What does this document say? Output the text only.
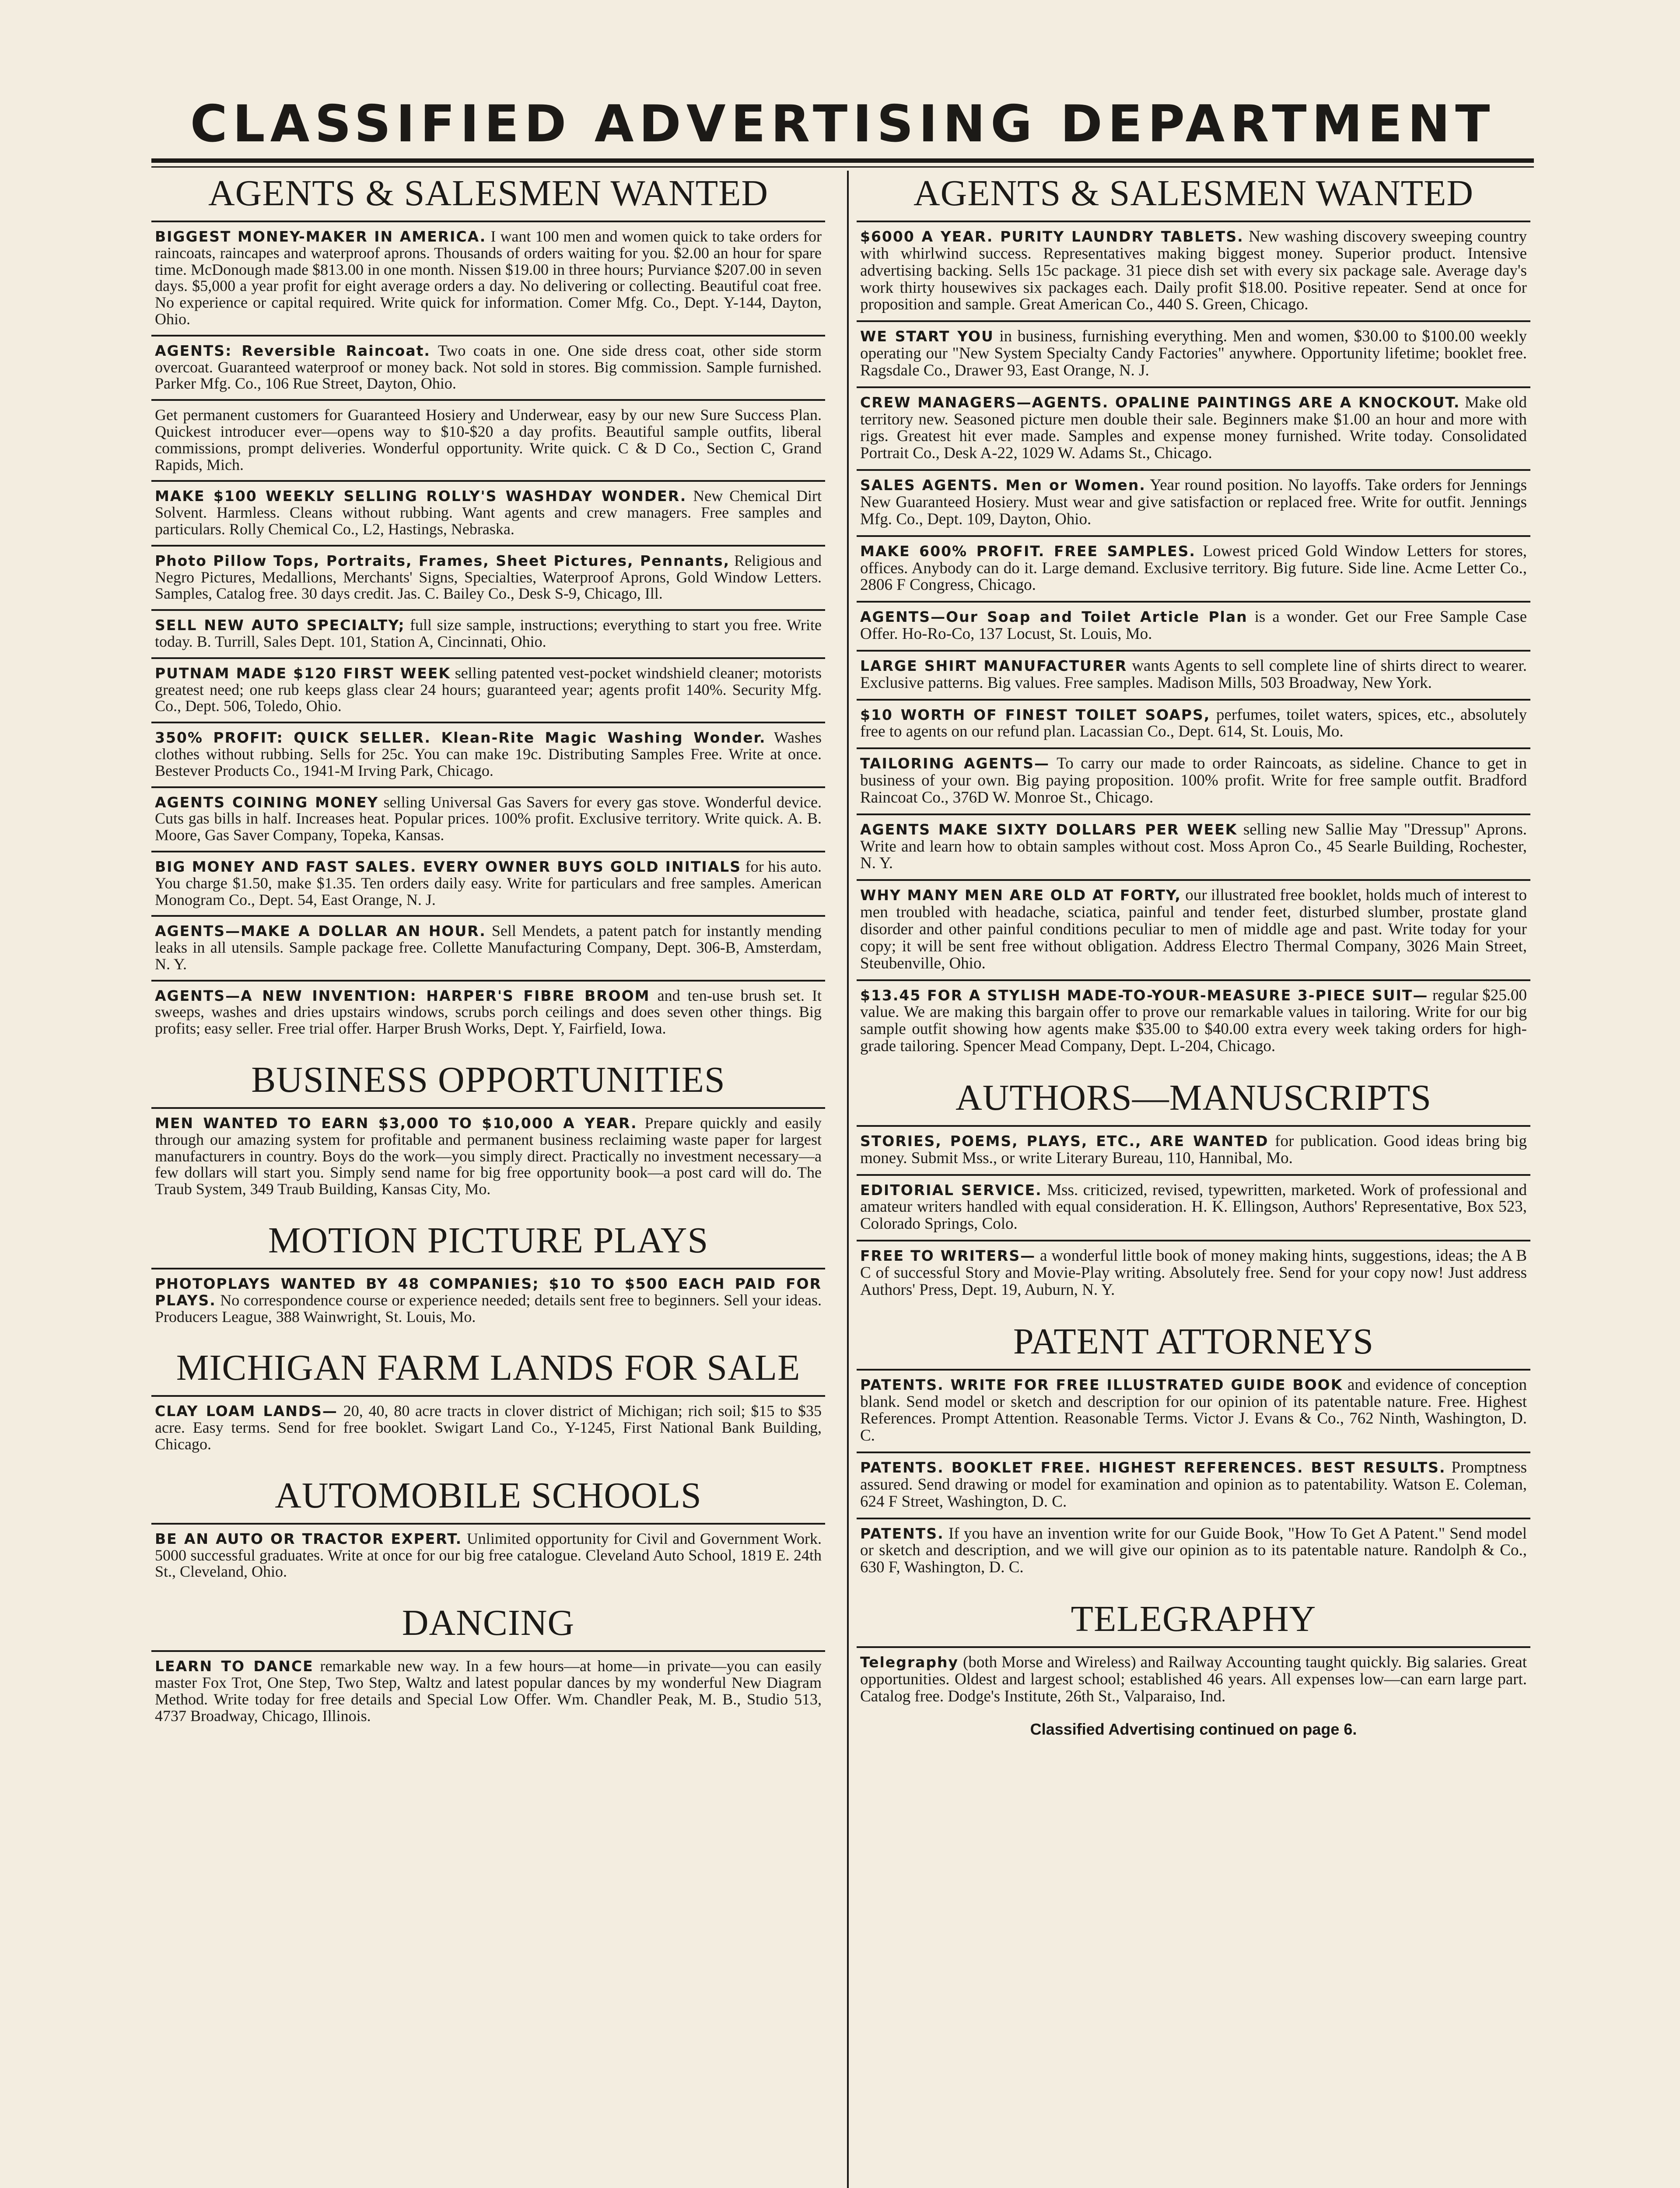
CLASSIFIED ADVERTISING DEPARTMENT
AGENTS & SALESMEN WANTED
BIGGEST MONEY-MAKER IN AMERICA. I want 100 men and women quick to take orders for raincoats, raincapes and waterproof aprons. Thousands of orders waiting for you. $2.00 an hour for spare time. McDonough made $813.00 in one month. Nissen $19.00 in three hours; Purviance $207.00 in seven days. $5,000 a year profit for eight average orders a day. No delivering or collecting. Beautiful coat free. No experience or capital required. Write quick for information. Comer Mfg. Co., Dept. Y-144, Dayton, Ohio.
AGENTS: Reversible Raincoat. Two coats in one. One side dress coat, other side storm overcoat. Guaranteed waterproof or money back. Not sold in stores. Big commission. Sample furnished. Parker Mfg. Co., 106 Rue Street, Dayton, Ohio.
Get permanent customers for Guaranteed Hosiery and Underwear, easy by our new Sure Success Plan. Quickest introducer ever—opens way to $10-$20 a day profits. Beautiful sample outfits, liberal commissions, prompt deliveries. Wonderful opportunity. Write quick. C & D Co., Section C, Grand Rapids, Mich.
MAKE $100 WEEKLY SELLING ROLLY'S WASHDAY WONDER. New Chemical Dirt Solvent. Harmless. Cleans without rubbing. Want agents and crew managers. Free samples and particulars. Rolly Chemical Co., L2, Hastings, Nebraska.
Photo Pillow Tops, Portraits, Frames, Sheet Pictures, Pennants, Religious and Negro Pictures, Medallions, Merchants' Signs, Specialties, Waterproof Aprons, Gold Window Letters. Samples, Catalog free. 30 days credit. Jas. C. Bailey Co., Desk S-9, Chicago, Ill.
SELL NEW AUTO SPECIALTY; full size sample, instructions; everything to start you free. Write today. B. Turrill, Sales Dept. 101, Station A, Cincinnati, Ohio.
PUTNAM MADE $120 FIRST WEEK selling patented vest-pocket windshield cleaner; motorists greatest need; one rub keeps glass clear 24 hours; guaranteed year; agents profit 140%. Security Mfg. Co., Dept. 506, Toledo, Ohio.
350% PROFIT: QUICK SELLER. Klean-Rite Magic Washing Wonder. Washes clothes without rubbing. Sells for 25c. You can make 19c. Distributing Samples Free. Write at once. Bestever Products Co., 1941-M Irving Park, Chicago.
AGENTS COINING MONEY selling Universal Gas Savers for every gas stove. Wonderful device. Cuts gas bills in half. Increases heat. Popular prices. 100% profit. Exclusive territory. Write quick. A. B. Moore, Gas Saver Company, Topeka, Kansas.
BIG MONEY AND FAST SALES. EVERY OWNER BUYS GOLD INITIALS for his auto. You charge $1.50, make $1.35. Ten orders daily easy. Write for particulars and free samples. American Monogram Co., Dept. 54, East Orange, N. J.
AGENTS—MAKE A DOLLAR AN HOUR. Sell Mendets, a patent patch for instantly mending leaks in all utensils. Sample package free. Collette Manufacturing Company, Dept. 306-B, Amsterdam, N. Y.
AGENTS—A NEW INVENTION: HARPER'S FIBRE BROOM and ten-use brush set. It sweeps, washes and dries upstairs windows, scrubs porch ceilings and does seven other things. Big profits; easy seller. Free trial offer. Harper Brush Works, Dept. Y, Fairfield, Iowa.
BUSINESS OPPORTUNITIES
MEN WANTED TO EARN $3,000 TO $10,000 A YEAR. Prepare quickly and easily through our amazing system for profitable and permanent business reclaiming waste paper for largest manufacturers in country. Boys do the work—you simply direct. Practically no investment necessary—a few dollars will start you. Simply send name for big free opportunity book—a post card will do. The Traub System, 349 Traub Building, Kansas City, Mo.
MOTION PICTURE PLAYS
PHOTOPLAYS WANTED BY 48 COMPANIES; $10 TO $500 EACH PAID FOR PLAYS. No correspondence course or experience needed; details sent free to beginners. Sell your ideas. Producers League, 388 Wainwright, St. Louis, Mo.
MICHIGAN FARM LANDS FOR SALE
CLAY LOAM LANDS— 20, 40, 80 acre tracts in clover district of Michigan; rich soil; $15 to $35 acre. Easy terms. Send for free booklet. Swigart Land Co., Y-1245, First National Bank Building, Chicago.
AUTOMOBILE SCHOOLS
BE AN AUTO OR TRACTOR EXPERT. Unlimited opportunity for Civil and Government Work. 5000 successful graduates. Write at once for our big free catalogue. Cleveland Auto School, 1819 E. 24th St., Cleveland, Ohio.
DANCING
LEARN TO DANCE remarkable new way. In a few hours—at home—in private—you can easily master Fox Trot, One Step, Two Step, Waltz and latest popular dances by my wonderful New Diagram Method. Write today for free details and Special Low Offer. Wm. Chandler Peak, M. B., Studio 513, 4737 Broadway, Chicago, Illinois.
AGENTS & SALESMEN WANTED
$6000 A YEAR. PURITY LAUNDRY TABLETS. New washing discovery sweeping country with whirlwind success. Representatives making biggest money. Superior product. Intensive advertising backing. Sells 15c package. 31 piece dish set with every six package sale. Average day's work thirty housewives six packages each. Daily profit $18.00. Positive repeater. Send at once for proposition and sample. Great American Co., 440 S. Green, Chicago.
WE START YOU in business, furnishing everything. Men and women, $30.00 to $100.00 weekly operating our "New System Specialty Candy Factories" anywhere. Opportunity lifetime; booklet free. Ragsdale Co., Drawer 93, East Orange, N. J.
CREW MANAGERS—AGENTS. OPALINE PAINTINGS ARE A KNOCKOUT. Make old territory new. Seasoned picture men double their sale. Beginners make $1.00 an hour and more with rigs. Greatest hit ever made. Samples and expense money furnished. Write today. Consolidated Portrait Co., Desk A-22, 1029 W. Adams St., Chicago.
SALES AGENTS. Men or Women. Year round position. No layoffs. Take orders for Jennings New Guaranteed Hosiery. Must wear and give satisfaction or replaced free. Write for outfit. Jennings Mfg. Co., Dept. 109, Dayton, Ohio.
MAKE 600% PROFIT. FREE SAMPLES. Lowest priced Gold Window Letters for stores, offices. Anybody can do it. Large demand. Exclusive territory. Big future. Side line. Acme Letter Co., 2806 F Congress, Chicago.
AGENTS—Our Soap and Toilet Article Plan is a wonder. Get our Free Sample Case Offer. Ho-Ro-Co, 137 Locust, St. Louis, Mo.
LARGE SHIRT MANUFACTURER wants Agents to sell complete line of shirts direct to wearer. Exclusive patterns. Big values. Free samples. Madison Mills, 503 Broadway, New York.
$10 WORTH OF FINEST TOILET SOAPS, perfumes, toilet waters, spices, etc., absolutely free to agents on our refund plan. Lacassian Co., Dept. 614, St. Louis, Mo.
TAILORING AGENTS— To carry our made to order Raincoats, as sideline. Chance to get in business of your own. Big paying proposition. 100% profit. Write for free sample outfit. Bradford Raincoat Co., 376D W. Monroe St., Chicago.
AGENTS MAKE SIXTY DOLLARS PER WEEK selling new Sallie May "Dressup" Aprons. Write and learn how to obtain samples without cost. Moss Apron Co., 45 Searle Building, Rochester, N. Y.
WHY MANY MEN ARE OLD AT FORTY, our illustrated free booklet, holds much of interest to men troubled with headache, sciatica, painful and tender feet, disturbed slumber, prostate gland disorder and other painful conditions peculiar to men of middle age and past. Write today for your copy; it will be sent free without obligation. Address Electro Thermal Company, 3026 Main Street, Steubenville, Ohio.
$13.45 FOR A STYLISH MADE-TO-YOUR-MEASURE 3-PIECE SUIT— regular $25.00 value. We are making this bargain offer to prove our remarkable values in tailoring. Write for our big sample outfit showing how agents make $35.00 to $40.00 extra every week taking orders for high-grade tailoring. Spencer Mead Company, Dept. L-204, Chicago.
AUTHORS—MANUSCRIPTS
STORIES, POEMS, PLAYS, ETC., ARE WANTED for publication. Good ideas bring big money. Submit Mss., or write Literary Bureau, 110, Hannibal, Mo.
EDITORIAL SERVICE. Mss. criticized, revised, typewritten, marketed. Work of professional and amateur writers handled with equal consideration. H. K. Ellingson, Authors' Representative, Box 523, Colorado Springs, Colo.
FREE TO WRITERS— a wonderful little book of money making hints, suggestions, ideas; the A B C of successful Story and Movie-Play writing. Absolutely free. Send for your copy now! Just address Authors' Press, Dept. 19, Auburn, N. Y.
PATENT ATTORNEYS
PATENTS. WRITE FOR FREE ILLUSTRATED GUIDE BOOK and evidence of conception blank. Send model or sketch and description for our opinion of its patentable nature. Free. Highest References. Prompt Attention. Reasonable Terms. Victor J. Evans & Co., 762 Ninth, Washington, D. C.
PATENTS. BOOKLET FREE. HIGHEST REFERENCES. BEST RESULTS. Promptness assured. Send drawing or model for examination and opinion as to patentability. Watson E. Coleman, 624 F Street, Washington, D. C.
PATENTS. If you have an invention write for our Guide Book, "How To Get A Patent." Send model or sketch and description, and we will give our opinion as to its patentable nature. Randolph & Co., 630 F, Washington, D. C.
TELEGRAPHY
Telegraphy (both Morse and Wireless) and Railway Accounting taught quickly. Big salaries. Great opportunities. Oldest and largest school; established 46 years. All expenses low—can earn large part. Catalog free. Dodge's Institute, 26th St., Valparaiso, Ind.
Classified Advertising continued on page 6.
